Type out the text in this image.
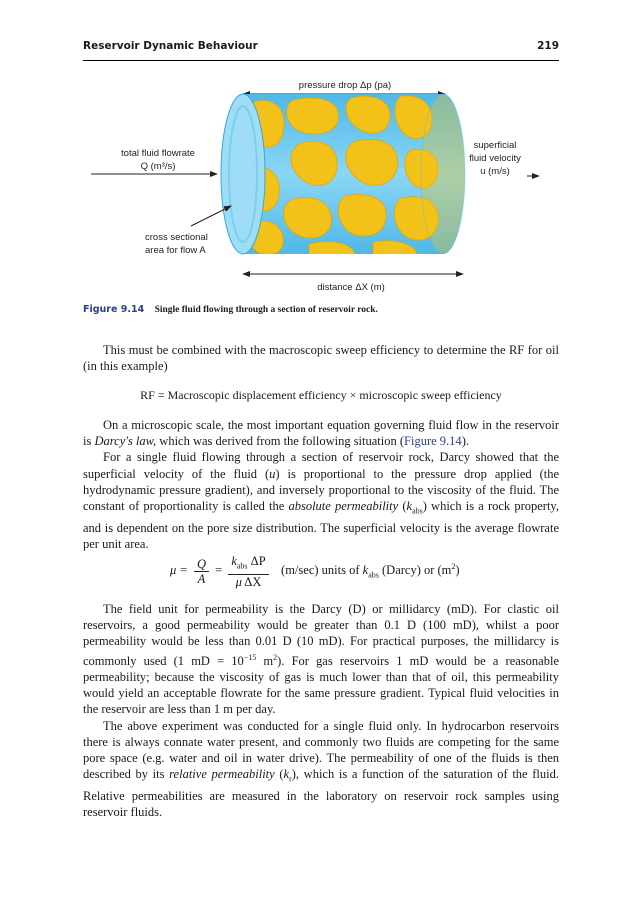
Reservoir Dynamic Behaviour	219
pressure drop Δp (pa)
total fluid flowrate
Q (m³/s)
superficial
fluid velocity
u (m/s)
cross sectional
area for flow A
distance ΔX (m)
Figure 9.14 Single fluid flowing through a section of reservoir rock.

This must be combined with the macroscopic sweep efficiency to determine the RF for oil (in this example)

RF = Macroscopic displacement efficiency × microscopic sweep efficiency

On a microscopic scale, the most important equation governing fluid flow in the reservoir is Darcy's law, which was derived from the following situation (Figure 9.14).

For a single fluid flowing through a section of reservoir rock, Darcy showed that the superficial velocity of the fluid (u) is proportional to the pressure drop applied (the hydrodynamic pressure gradient), and inversely proportional to the viscosity of the fluid. The constant of proportionality is called the absolute permeability $(k_{abs})$ which is a rock property, and is dependent on the pore size distribution. The superficial velocity is the average flowrate per unit area.

$\mu = \frac{Q}{A} = \frac{k_{abs} \Delta P}{\text{μ ΔX}} (m/\sec)$ units of $k_{abs}$ (Darcy) or $(m^2)$

The field unit for permeability is the Darcy (D) or millidarcy (mD). For clastic oil reservoirs, a good permeability would be greater than 0.1 D (100 mD), whilst a poor permeability would be less than 0.01 D (10 mD). For practical purposes, the millidarcy is commonly used (1 mD = $10^{-15}$ $m^2$). For gas reservoirs 1 mD would be a reasonable permeability; because the viscosity of gas is much lower than that of oil, this permeability would yield an acceptable flowrate for the same pressure gradient. Typical fluid velocities in the reservoir are less than 1 m per day.

The above experiment was conducted for a single fluid only. In hydrocarbon reservoirs there is always connate water present, and commonly two fluids are competing for the same pore space (e.g. water and oil in water drive). The permeability of one of the fluids is then described by its relative permeability $(k_r)$, which is a function of the saturation of the fluid. Relative permeabilities are measured in the laboratory on reservoir rock samples using reservoir fluids.
